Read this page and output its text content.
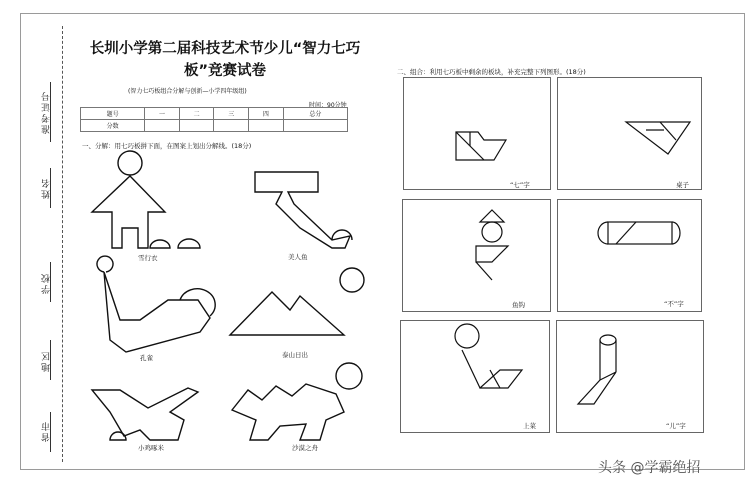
准考证号
姓名
学校
地区
省市
长圳小学第二届科技艺术节少儿“智力七巧板”竞赛试卷
(智力七巧板组合分解与创新—小学四年级组)
时间：90分钟
题号	一	二	三	四	总分
分数					
一、分解：用七巧板拼下面，在图案上划出分解线。(18分)
二、组合：利用七巧板中剩余的板块，补充完整下列图形。(18分)
雪行衣	美人鱼
孔雀	泰山日出
小鸡啄米	沙漠之舟
“七”字	桌子
鱼钩	“不”字
上菜	“儿”字
头条 @学霸绝招
